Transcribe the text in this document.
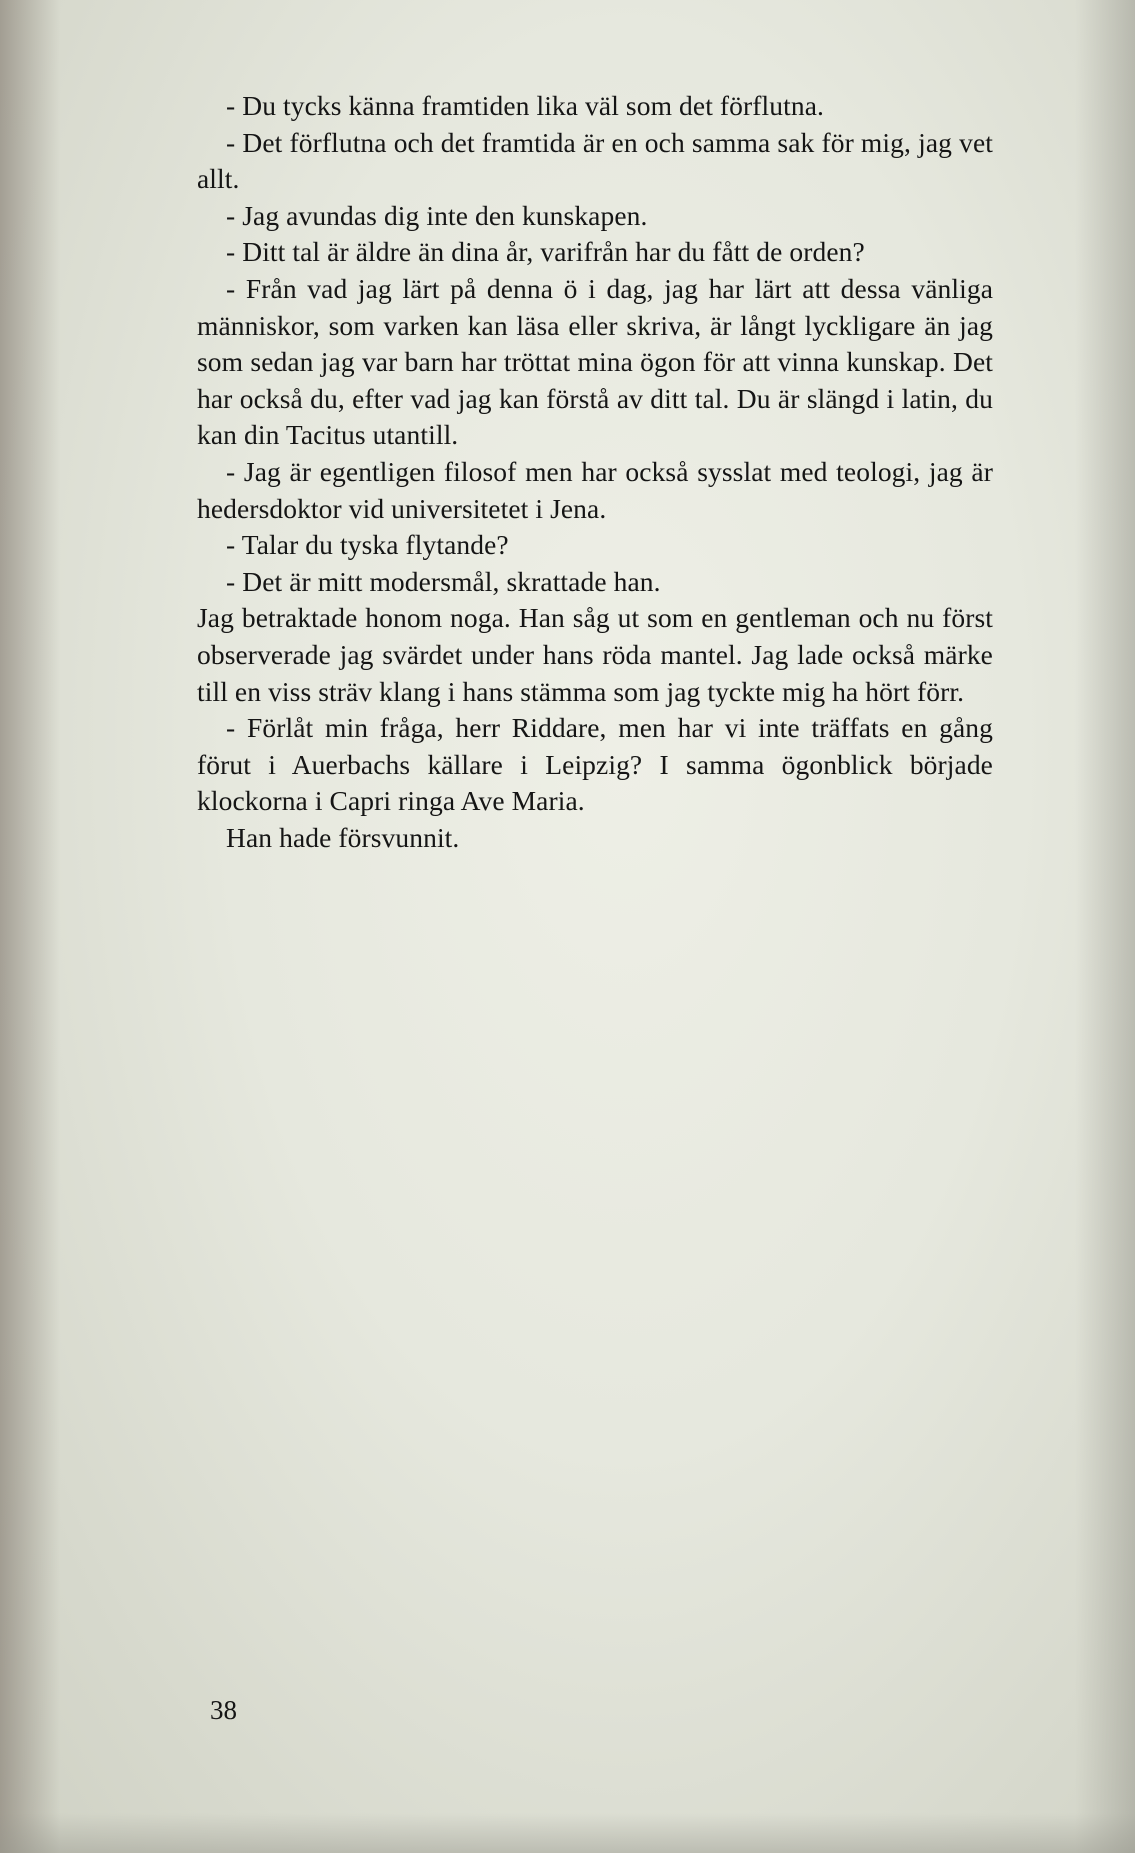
- Du tycks känna framtiden lika väl som det förflutna.

- Det förflutna och det framtida är en och samma sak för mig, jag vet allt.

- Jag avundas dig inte den kunskapen.

- Ditt tal är äldre än dina år, varifrån har du fått de orden?

- Från vad jag lärt på denna ö i dag, jag har lärt att dessa vänliga människor, som varken kan läsa eller skriva, är långt lyckligare än jag som sedan jag var barn har tröttat mina ögon för att vinna kunskap. Det har också du, efter vad jag kan förstå av ditt tal. Du är slängd i latin, du kan din Tacitus utantill.

- Jag är egentligen filosof men har också sysslat med teologi, jag är hedersdoktor vid universitetet i Jena.

- Talar du tyska flytande?

- Det är mitt modersmål, skrattade han.

Jag betraktade honom noga. Han såg ut som en gentleman och nu först observerade jag svärdet under hans röda mantel. Jag lade också märke till en viss sträv klang i hans stämma som jag tyckte mig ha hört förr.

- Förlåt min fråga, herr Riddare, men har vi inte träffats en gång förut i Auerbachs källare i Leipzig? I samma ögonblick började klockorna i Capri ringa Ave Maria.

Han hade försvunnit.

38
